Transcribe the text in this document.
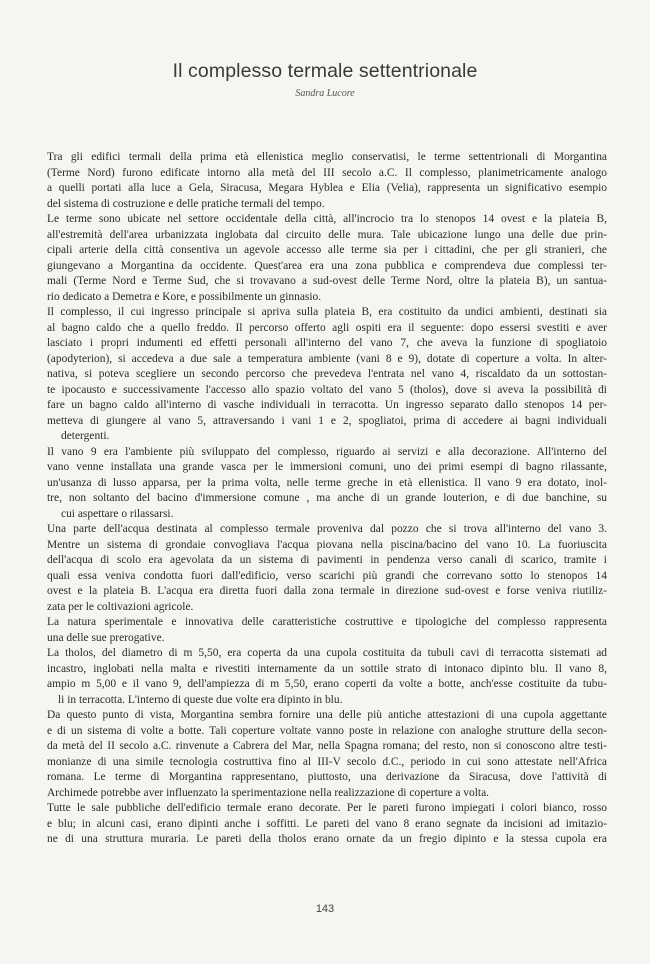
Il complesso termale settentrionale
Sandra Lucore

Tra gli edifici termali della prima età ellenistica meglio conservatisi, le terme settentrionali di Morgantina

(Terme Nord) furono edificate intorno alla metà del III secolo a.C. Il complesso, planimetricamente analogo

a quelli portati alla luce a Gela, Siracusa, Megara Hyblea e Elia (Velia), rappresenta un significativo esempio

del sistema di costruzione e delle pratiche termali del tempo.

Le terme sono ubicate nel settore occidentale della città, all'incrocio tra lo stenopos 14 ovest e la plateia B,

all'estremità dell'area urbanizzata inglobata dal circuito delle mura. Tale ubicazione lungo una delle due prin-

cipali arterie della città consentiva un agevole accesso alle terme sia per i cittadini, che per gli stranieri, che

giungevano a Morgantina da occidente. Quest'area era una zona pubblica e comprendeva due complessi ter-

mali (Terme Nord e Terme Sud, che si trovavano a sud-ovest delle Terme Nord, oltre la plateia B), un santua-

rio dedicato a Demetra e Kore, e possibilmente un ginnasio.

Il complesso, il cui ingresso principale si apriva sulla plateia B, era costituito da undici ambienti, destinati sia

al bagno caldo che a quello freddo. Il percorso offerto agli ospiti era il seguente: dopo essersi svestiti e aver

lasciato i propri indumenti ed effetti personali all'interno del vano 7, che aveva la funzione di spogliatoio

(apodyterion), si accedeva a due sale a temperatura ambiente (vani 8 e 9), dotate di coperture a volta. In alter-

nativa, si poteva scegliere un secondo percorso che prevedeva l'entrata nel vano 4, riscaldato da un sottostan-

te ipocausto e successivamente l'accesso allo spazio voltato del vano 5 (tholos), dove si aveva la possibilità di

fare un bagno caldo all'interno di vasche individuali in terracotta. Un ingresso separato dallo stenopos 14 per-

metteva di giungere al vano 5, attraversando i vani 1 e 2, spogliatoi, prima di accedere ai bagni individuali

detergenti.

Il vano 9 era l'ambiente più sviluppato del complesso, riguardo ai servizi e alla decorazione. All'interno del

vano venne installata una grande vasca per le immersioni comuni, uno dei primi esempi di bagno rilassante,

un'usanza di lusso apparsa, per la prima volta, nelle terme greche in età ellenistica. Il vano 9 era dotato, inol-

tre, non soltanto del bacino d'immersione comune , ma anche di un grande louterion, e di due banchine, su

cui aspettare o rilassarsi.

Una parte dell'acqua destinata al complesso termale proveniva dal pozzo che si trova all'interno del vano 3.

Mentre un sistema di grondaie convogliava l'acqua piovana nella piscina/bacino del vano 10. La fuoriuscita

dell'acqua di scolo era agevolata da un sistema di pavimenti in pendenza verso canali di scarico, tramite i

quali essa veniva condotta fuori dall'edificio, verso scarichi più grandi che correvano sotto lo stenopos 14

ovest e la plateia B. L'acqua era diretta fuori dalla zona termale in direzione sud-ovest e forse veniva riutiliz-

zata per le coltivazioni agricole.

La natura sperimentale e innovativa delle caratteristiche costruttive e tipologiche del complesso rappresenta

una delle sue prerogative.

La tholos, del diametro di m 5,50, era coperta da una cupola costituita da tubuli cavi di terracotta sistemati ad

incastro, inglobati nella malta e rivestiti internamente da un sottile strato di intonaco dipinto blu. Il vano 8,

ampio m 5,00 e il vano 9, dell'ampiezza di m 5,50, erano coperti da volte a botte, anch'esse costituite da tubu-

li in terracotta. L'interno di queste due volte era dipinto in blu.

Da questo punto di vista, Morgantina sembra fornire una delle più antiche attestazioni di una cupola aggettante

e di un sistema di volte a botte. Tali coperture voltate vanno poste in relazione con analoghe strutture della secon-

da metà del II secolo a.C. rinvenute a Cabrera del Mar, nella Spagna romana; del resto, non si conoscono altre testi-

monianze di una simile tecnologia costruttiva fino al III-V secolo d.C., periodo in cui sono attestate nell'Africa

romana. Le terme di Morgantina rappresentano, piuttosto, una derivazione da Siracusa, dove l'attività di

Archimede potrebbe aver influenzato la sperimentazione nella realizzazione di coperture a volta.

Tutte le sale pubbliche dell'edificio termale erano decorate. Per le pareti furono impiegati i colori bianco, rosso

e blu; in alcuni casi, erano dipinti anche i soffitti. Le pareti del vano 8 erano segnate da incisioni ad imitazio-

ne di una struttura muraria. Le pareti della tholos erano ornate da un fregio dipinto e la stessa cupola era

143
